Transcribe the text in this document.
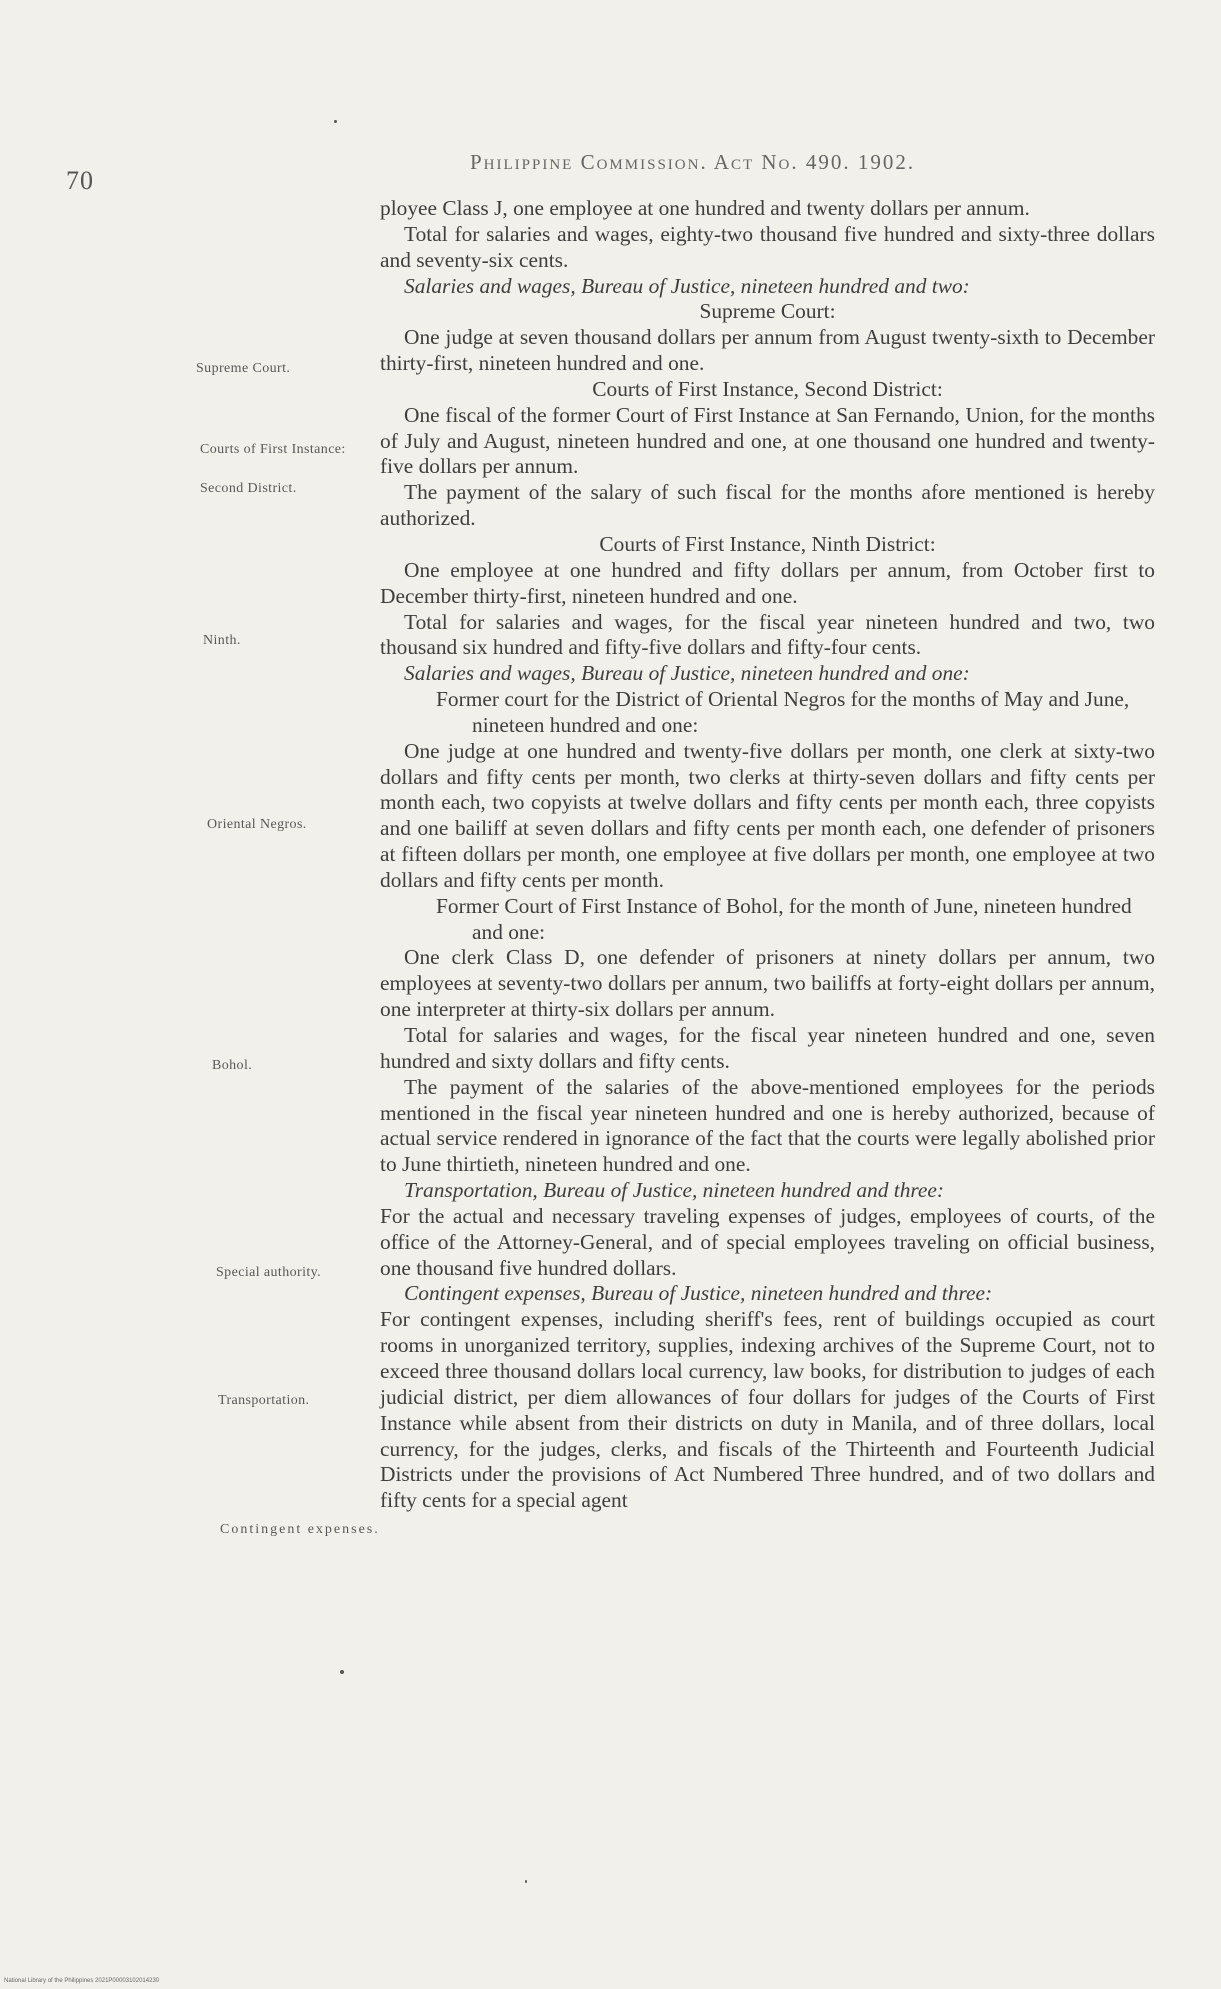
70
Philippine Commission. Act No. 490. 1902.
Supreme Court.
Courts of First Instance:
Second District.
Ninth.
Oriental Negros.
Bohol.
Special authority.
Transportation.
Contingent expenses.

ployee Class J, one employee at one hundred and twenty dollars per annum.

Total for salaries and wages, eighty-two thousand five hundred and sixty-three dollars and seventy-six cents.

Salaries and wages, Bureau of Justice, nineteen hundred and two:

Supreme Court:

One judge at seven thousand dollars per annum from August twenty-sixth to December thirty-first, nineteen hundred and one.

Courts of First Instance, Second District:

One fiscal of the former Court of First Instance at San Fernando, Union, for the months of July and August, nineteen hundred and one, at one thousand one hundred and twenty-five dollars per annum.

The payment of the salary of such fiscal for the months afore mentioned is hereby authorized.

Courts of First Instance, Ninth District:

One employee at one hundred and fifty dollars per annum, from October first to December thirty-first, nineteen hundred and one.

Total for salaries and wages, for the fiscal year nineteen hundred and two, two thousand six hundred and fifty-five dollars and fifty-four cents.

Salaries and wages, Bureau of Justice, nineteen hundred and one:

Former court for the District of Oriental Negros for the months of May and June, nineteen hundred and one:

One judge at one hundred and twenty-five dollars per month, one clerk at sixty-two dollars and fifty cents per month, two clerks at thirty-seven dollars and fifty cents per month each, two copyists at twelve dollars and fifty cents per month each, three copyists and one bailiff at seven dollars and fifty cents per month each, one defender of prisoners at fifteen dollars per month, one employee at five dollars per month, one employee at two dollars and fifty cents per month.

Former Court of First Instance of Bohol, for the month of June, nineteen hundred and one:

One clerk Class D, one defender of prisoners at ninety dollars per annum, two employees at seventy-two dollars per annum, two bailiffs at forty-eight dollars per annum, one interpreter at thirty-six dollars per annum.

Total for salaries and wages, for the fiscal year nineteen hundred and one, seven hundred and sixty dollars and fifty cents.

The payment of the salaries of the above-mentioned employees for the periods mentioned in the fiscal year nineteen hundred and one is hereby authorized, because of actual service rendered in ignorance of the fact that the courts were legally abolished prior to June thirtieth, nineteen hundred and one.

Transportation, Bureau of Justice, nineteen hundred and three:

For the actual and necessary traveling expenses of judges, employees of courts, of the office of the Attorney-General, and of special employees traveling on official business, one thousand five hundred dollars.

Contingent expenses, Bureau of Justice, nineteen hundred and three:

For contingent expenses, including sheriff's fees, rent of buildings occupied as court rooms in unorganized territory, supplies, indexing archives of the Supreme Court, not to exceed three thousand dollars local currency, law books, for distribution to judges of each judicial district, per diem allowances of four dollars for judges of the Courts of First Instance while absent from their districts on duty in Manila, and of three dollars, local currency, for the judges, clerks, and fiscals of the Thirteenth and Fourteenth Judicial Districts under the provisions of Act Numbered Three hundred, and of two dollars and fifty cents for a special agent

National Library of the Philippines 2021P00003102014230
